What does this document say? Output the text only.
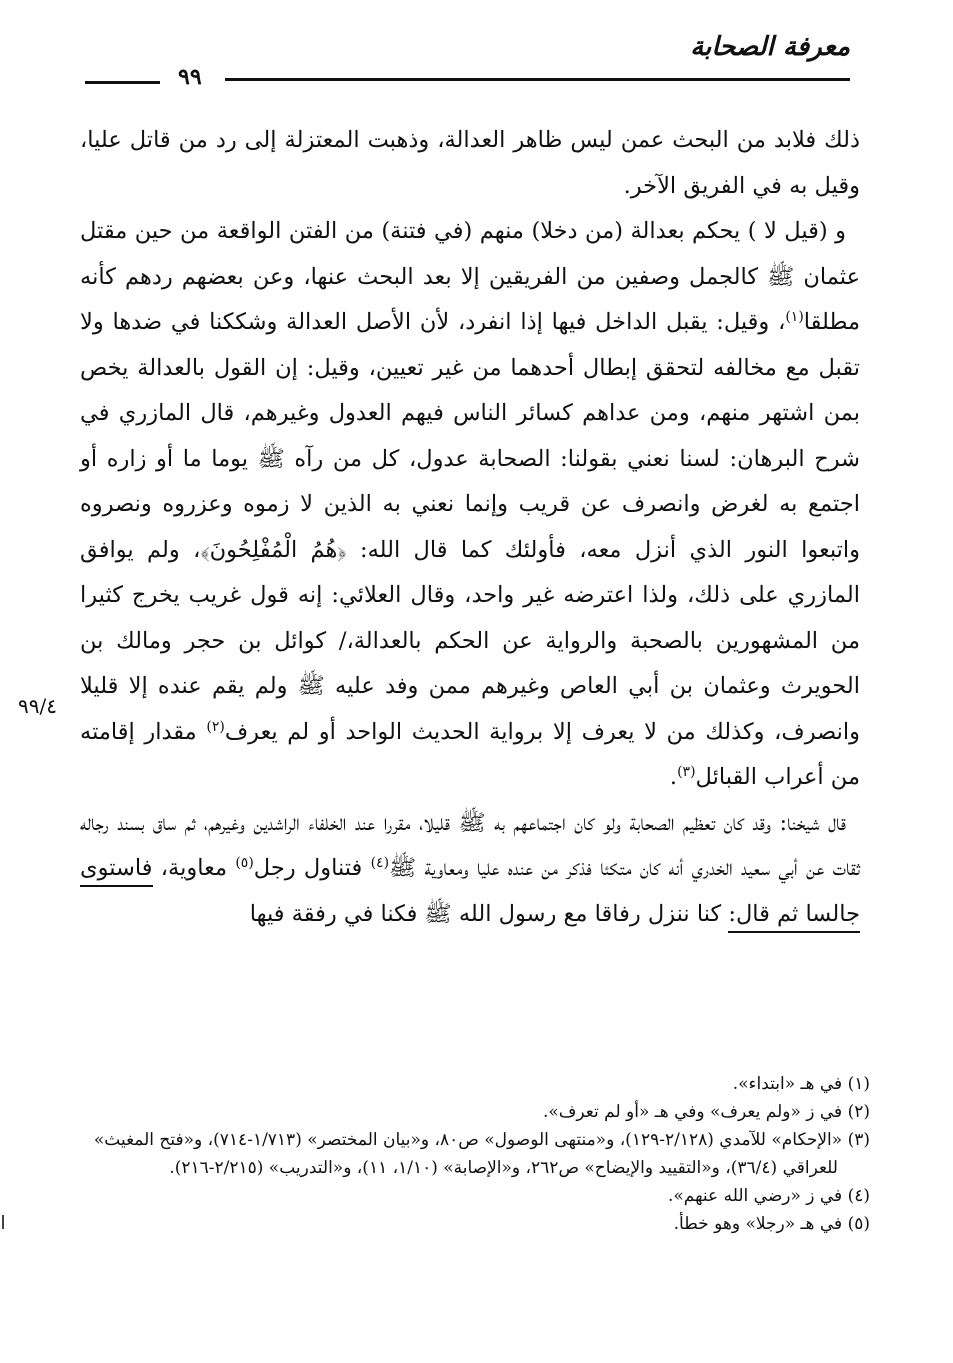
معرفة الصحابة
٩٩
٩٩/٤

ذلك فلابد من البحث عمن ليس ظاهر العدالة، وذهبت المعتزلة إلى رد من قاتل عليا، وقيل به في الفريق الآخر.

و (قيل لا ) يحكم بعدالة (من دخلا) منهم (في فتنة) من الفتن الواقعة من حين مقتل عثمان ﷺ كالجمل وصفين من الفريقين إلا بعد البحث عنها، وعن بعضهم ردهم كأنه مطلقا$^{(١)}$، وقيل: يقبل الداخل فيها إذا انفرد، لأن الأصل العدالة وشككنا في ضدها ولا تقبل مع مخالفه لتحقق إبطال أحدهما من غير تعيين، وقيل: إن القول بالعدالة يخص بمن اشتهر منهم، ومن عداهم كسائر الناس فيهم العدول وغيرهم، قال المازري في شرح البرهان: لسنا نعني بقولنا: الصحابة عدول، كل من رآه ﷺ يوما ما أو زاره أو اجتمع به لغرض وانصرف عن قريب وإنما نعني به الذين لا زموه وعزروه ونصروه واتبعوا النور الذي أنزل معه، فأولئك كما قال الله: ﴿هُمُ الْمُفْلِحُونَ﴾، ولم يوافق المازري على ذلك، ولذا اعترضه غير واحد، وقال العلائي: إنه قول غريب يخرج كثيرا من المشهورين بالصحبة والرواية عن الحكم بالعدالة،/ كوائل بن حجر ومالك بن الحويرث وعثمان بن أبي العاص وغيرهم ممن وفد عليه ﷺ ولم يقم عنده إلا قليلا وانصرف، وكذلك من لا يعرف إلا برواية الحديث الواحد أو لم يعرف$^{(٢)}$ مقدار إقامته من أعراب القبائل$^{(٣)}$.

قال شيخنا: وقد كان تعظيم الصحابة ولو كان اجتماعهم به ﷺ قليلا، مقررا عند الخلفاء الراشدين وغيرهم، ثم ساق بسند رجاله ثقات عن أبي سعيد الخدري أنه كان متكئا فذكر من عنده عليا ومعاوية ﷺ$^{(٤)}$ فتناول رجل$^{(٥)}$ معاوية، فاستوى جالسا ثم قال: كنا ننزل رفاقا مع رسول الله ﷺ فكنا في رفقة فيها

(١) في هـ «ابتداء».

(٢) في ز «ولم يعرف» وفي هـ «أو لم تعرف».

(٣) «الإحكام» للآمدي (٢/١٢٨-١٢٩)، و«منتهى الوصول» ص٨٠، و«بيان المختصر» (١/٧١٣-٧١٤)، و«فتح المغيث» للعراقي (٣٦/٤)، و«التقييد والإيضاح» ص٢٦٢، و«الإصابة» (١/١٠، ١١)، و«التدريب» (٢/٢١٥-٢١٦).

(٤) في ز «رضي الله عنهم».

(٥) في هـ «رجلا» وهو خطأ.
